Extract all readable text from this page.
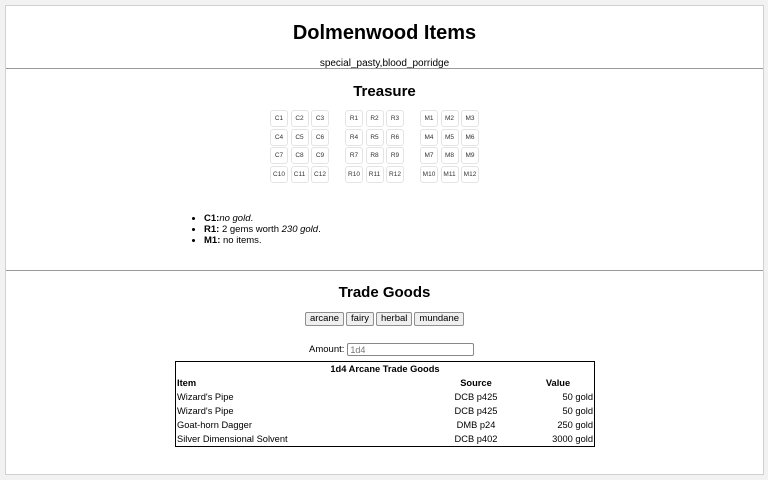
Dolmenwood Items
special_pasty,blood_porridge
Treasure
C1	C2	C3
C4	C5	C6
C7	C8	C9
C10	C11	C12
R1	R2	R3
R4	R5	R6
R7	R8	R9
R10	R11	R12
M1	M2	M3
M4	M5	M6
M7	M8	M9
M10	M11	M12
• C1:no gold.
• R1: 2 gems worth 230 gold.
• M1: no items.
Trade Goods
arcane fairy herbal mundane
Amount:
1d4
1d4 Arcane Trade Goods		
Item	Source	Value
Wizard's Pipe	DCB p425	50 gold
Wizard's Pipe	DCB p425	50 gold
Goat-horn Dagger	DMB p24	250 gold
Silver Dimensional Solvent	DCB p402	3000 gold
